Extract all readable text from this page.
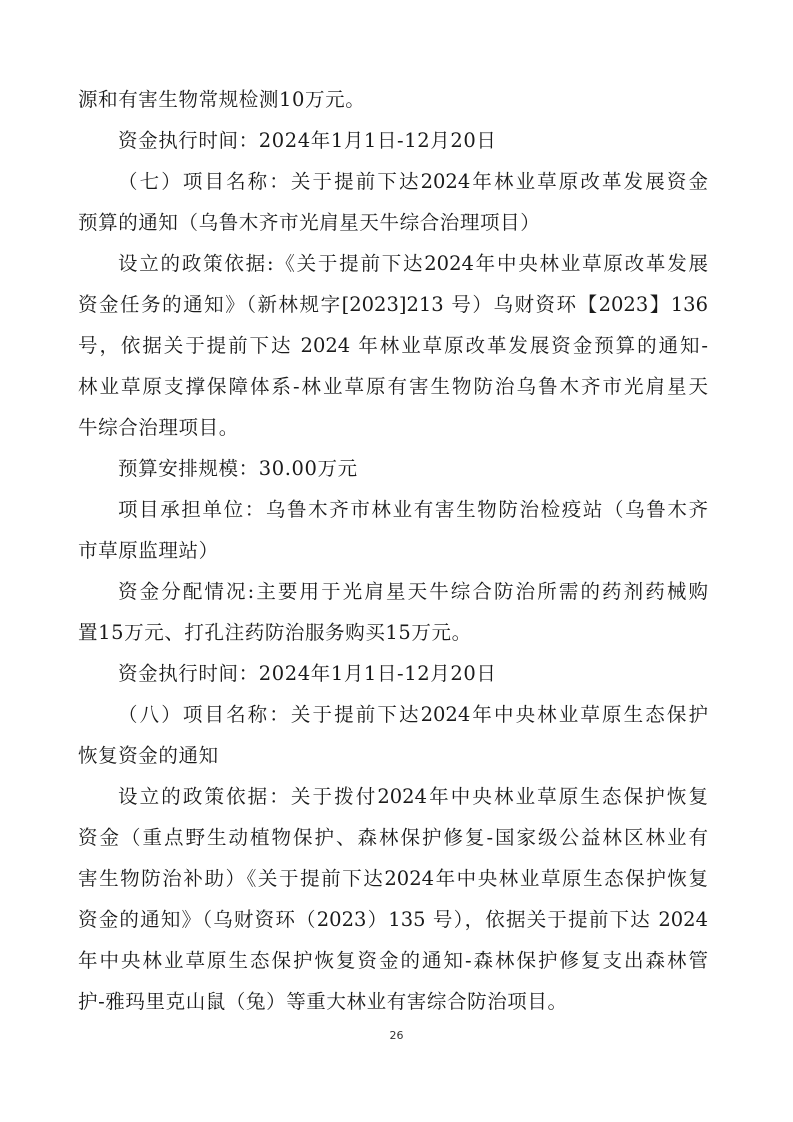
源和有害生物常规检测10万元。
资金执行时间：2024年1月1日-12月20日
（七）项目名称：关于提前下达2024年林业草原改革发展资金
预算的通知（乌鲁木齐市光肩星天牛综合治理项目）
设立的政策依据:《关于提前下达2024年中央林业草原改革发展
资金任务的通知》（新林规字[2023]213 号）乌财资环【2023】136
号，依据关于提前下达 2024 年林业草原改革发展资金预算的通知-
林业草原支撑保障体系-林业草原有害生物防治乌鲁木齐市光肩星天
牛综合治理项目。
预算安排规模：30.00万元
项目承担单位：乌鲁木齐市林业有害生物防治检疫站（乌鲁木齐
市草原监理站）
资金分配情况:主要用于光肩星天牛综合防治所需的药剂药械购
置15万元、打孔注药防治服务购买15万元。
资金执行时间：2024年1月1日-12月20日
（八）项目名称：关于提前下达2024年中央林业草原生态保护
恢复资金的通知
设立的政策依据：关于拨付2024年中央林业草原生态保护恢复
资金（重点野生动植物保护、森林保护修复-国家级公益林区林业有
害生物防治补助）《关于提前下达2024年中央林业草原生态保护恢复
资金的通知》（乌财资环（2023）135 号），依据关于提前下达 2024
年中央林业草原生态保护恢复资金的通知-森林保护修复支出森林管
护-雅玛里克山鼠（兔）等重大林业有害综合防治项目。
26
